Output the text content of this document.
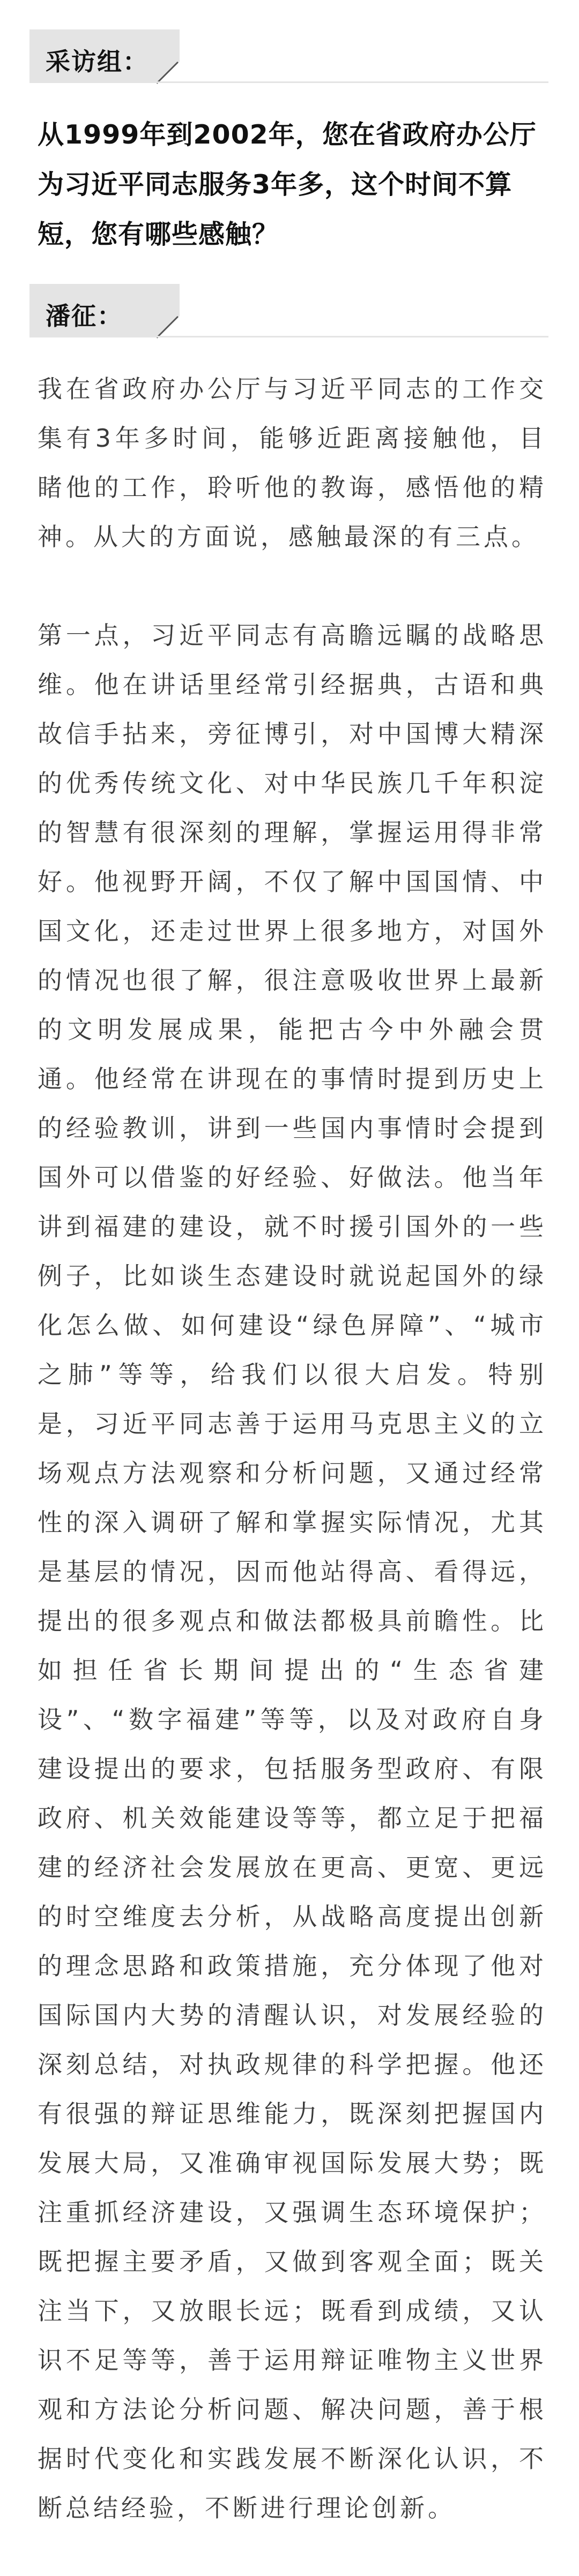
采访组：
从1999年到2002年，您在省政府办公厅为习近平同志服务3年多，这个时间不算短，您有哪些感触？
潘征：

我在省政府办公厅与习近平同志的工作交集有3年多时间，能够近距离接触他，目睹他的工作，聆听他的教诲，感悟他的精神。从大的方面说，感触最深的有三点。

第一点，习近平同志有高瞻远瞩的战略思维。他在讲话里经常引经据典，古语和典故信手拈来，旁征博引，对中国博大精深的优秀传统文化、对中华民族几千年积淀的智慧有很深刻的理解，掌握运用得非常好。他视野开阔，不仅了解中国国情、中国文化，还走过世界上很多地方，对国外的情况也很了解，很注意吸收世界上最新的文明发展成果，能把古今中外融会贯通。他经常在讲现在的事情时提到历史上的经验教训，讲到一些国内事情时会提到国外可以借鉴的好经验、好做法。他当年讲到福建的建设，就不时援引国外的一些例子，比如谈生态建设时就说起国外的绿化怎么做、如何建设“绿色屏障”、“城市之肺”等等，给我们以很大启发。特别是，习近平同志善于运用马克思主义的立场观点方法观察和分析问题，又通过经常性的深入调研了解和掌握实际情况，尤其是基层的情况，因而他站得高、看得远，提出的很多观点和做法都极具前瞻性。比如担任省长期间提出的“生态省建设”、“数字福建”等等，以及对政府自身建设提出的要求，包括服务型政府、有限政府、机关效能建设等等，都立足于把福建的经济社会发展放在更高、更宽、更远的时空维度去分析，从战略高度提出创新的理念思路和政策措施，充分体现了他对国际国内大势的清醒认识，对发展经验的深刻总结，对执政规律的科学把握。他还有很强的辩证思维能力，既深刻把握国内发展大局，又准确审视国际发展大势；既注重抓经济建设，又强调生态环境保护；既把握主要矛盾，又做到客观全面；既关注当下，又放眼长远；既看到成绩，又认识不足等等，善于运用辩证唯物主义世界观和方法论分析问题、解决问题，善于根据时代变化和实践发展不断深化认识，不断总结经验，不断进行理论创新。
